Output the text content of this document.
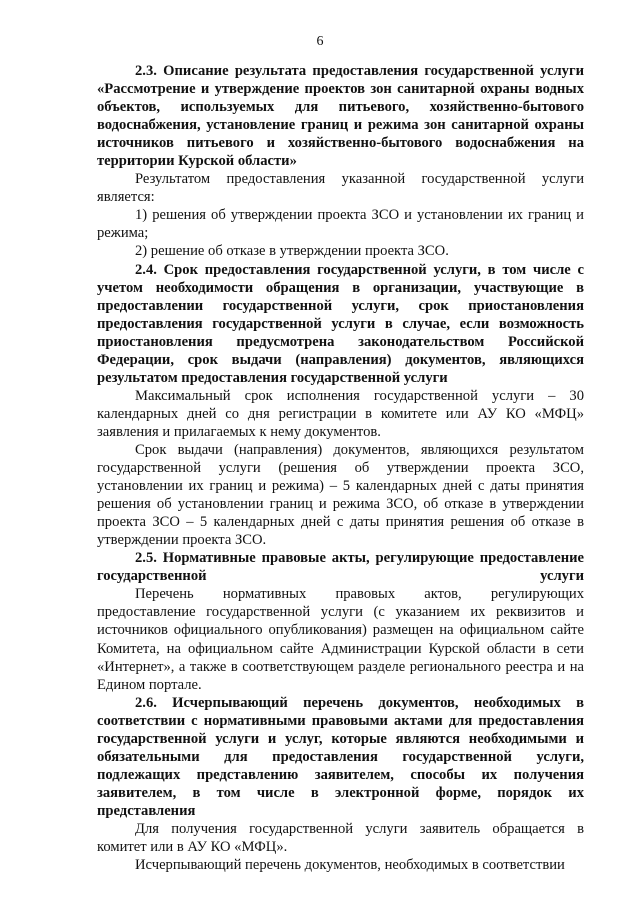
6

2.3. Описание результата предоставления государственной услуги «Рассмотрение и утверждение проектов зон санитарной охраны водных объектов, используемых для питьевого, хозяйственно-бытового водоснабжения, установление границ и режима зон санитарной охраны источников питьевого и хозяйственно-бытового водоснабжения на территории Курской области»

Результатом предоставления указанной государственной услуги является:

1) решения об утверждении проекта ЗСО и установлении их границ и режима;

2) решение об отказе в утверждении проекта ЗСО.

2.4. Срок предоставления государственной услуги, в том числе с учетом необходимости обращения в организации, участвующие в предоставлении государственной услуги, срок приостановления предоставления государственной услуги в случае, если возможность приостановления предусмотрена законодательством Российской Федерации, срок выдачи (направления) документов, являющихся результатом предоставления государственной услуги

Максимальный срок исполнения государственной услуги – 30 календарных дней со дня регистрации в комитете или АУ КО «МФЦ» заявления и прилагаемых к нему документов.

Срок выдачи (направления) документов, являющихся результатом государственной услуги (решения об утверждении проекта ЗСО, установлении их границ и режима) – 5 календарных дней с даты принятия решения об установлении границ и режима ЗСО, об отказе в утверждении проекта ЗСО – 5 календарных дней с даты принятия решения об отказе в утверждении проекта ЗСО.

2.5. Нормативные правовые акты, регулирующие предоставление государственной услуги

Перечень нормативных правовых актов, регулирующих предоставление государственной услуги (с указанием их реквизитов и источников официального опубликования) размещен на официальном сайте Комитета, на официальном сайте Администрации Курской области в сети «Интернет», а также в соответствующем разделе регионального реестра и на Едином портале.

2.6. Исчерпывающий перечень документов, необходимых в соответствии с нормативными правовыми актами для предоставления государственной услуги и услуг, которые являются необходимыми и обязательными для предоставления государственной услуги, подлежащих представлению заявителем, способы их получения заявителем, в том числе в электронной форме, порядок их представления

Для получения государственной услуги заявитель обращается в комитет или в АУ КО «МФЦ».

Исчерпывающий перечень документов, необходимых в соответствии
